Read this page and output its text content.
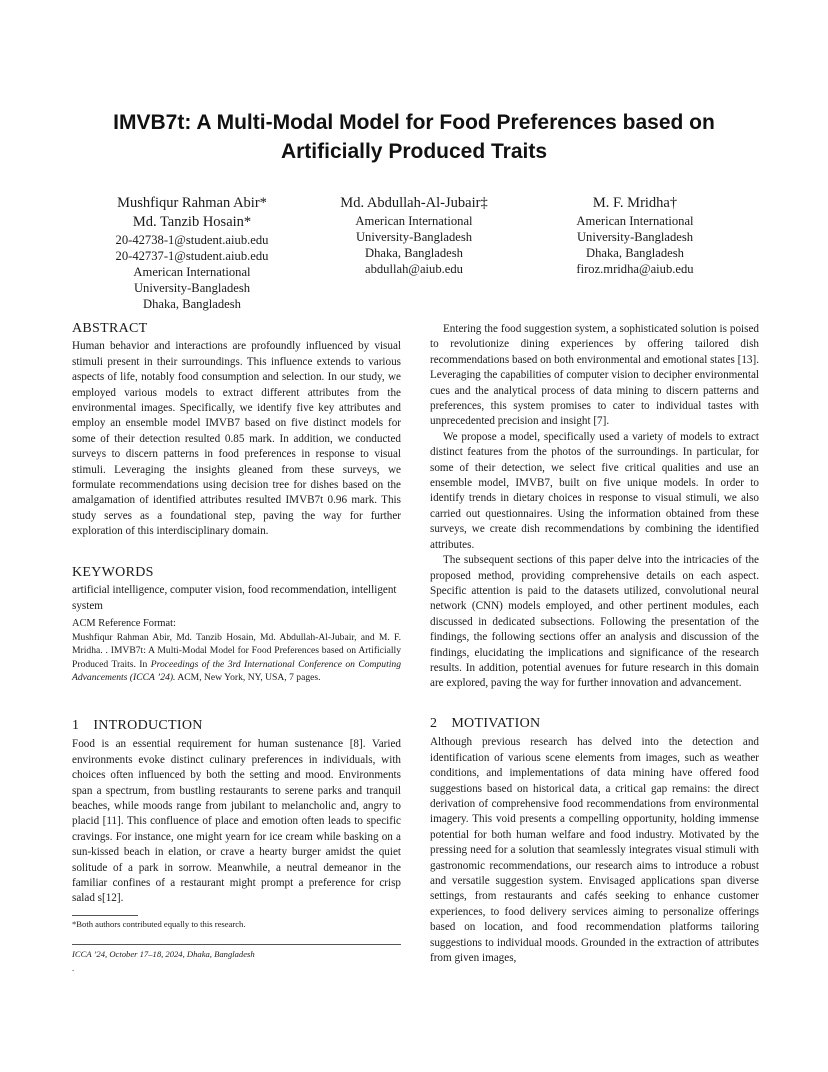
IMVB7t: A Multi-Modal Model for Food Preferences based on
Artificially Produced Traits
Mushfiqur Rahman Abir*
Md. Tanzib Hosain*
20-42738-1@student.aiub.edu
20-42737-1@student.aiub.edu
American International
University-Bangladesh
Dhaka, Bangladesh
Md. Abdullah-Al-Jubair‡
American International
University-Bangladesh
Dhaka, Bangladesh
abdullah@aiub.edu
M. F. Mridha†
American International
University-Bangladesh
Dhaka, Bangladesh
firoz.mridha@aiub.edu
ABSTRACT

Human behavior and interactions are profoundly influenced by visual stimuli present in their surroundings. This influence extends to various aspects of life, notably food consumption and selection. In our study, we employed various models to extract different attributes from the environmental images. Specifically, we identify five key attributes and employ an ensemble model IMVB7 based on five distinct models for some of their detection resulted 0.85 mark. In addition, we conducted surveys to discern patterns in food preferences in response to visual stimuli. Leveraging the insights gleaned from these surveys, we formulate recommendations using decision tree for dishes based on the amalgamation of identified attributes resulted IMVB7t 0.96 mark. This study serves as a foundational step, paving the way for further exploration of this interdisciplinary domain.

KEYWORDS

artificial intelligence, computer vision, food recommendation, intelligent system

ACM Reference Format:
Mushfiqur Rahman Abir, Md. Tanzib Hosain, Md. Abdullah-Al-Jubair, and M. F. Mridha. . IMVB7t: A Multi-Modal Model for Food Preferences based on Artificially Produced Traits. In Proceedings of the 3rd International Conference on Computing Advancements (ICCA ’24). ACM, New York, NY, USA, 7 pages.
1 INTRODUCTION

Food is an essential requirement for human sustenance [8]. Varied environments evoke distinct culinary preferences in individuals, with choices often influenced by both the setting and mood. Environments span a spectrum, from bustling restaurants to serene parks and tranquil beaches, while moods range from jubilant to melancholic and, angry to placid [11]. This confluence of place and emotion often leads to specific cravings. For instance, one might yearn for ice cream while basking on a sun-kissed beach in elation, or crave a hearty burger amidst the quiet solitude of a park in sorrow. Meanwhile, a neutral demeanor in the familiar confines of a restaurant might prompt a preference for crisp salad s[12].

*Both authors contributed equally to this research.
ICCA ’24, October 17–18, 2024, Dhaka, Bangladesh
.

Entering the food suggestion system, a sophisticated solution is poised to revolutionize dining experiences by offering tailored dish recommendations based on both environmental and emotional states [13]. Leveraging the capabilities of computer vision to decipher environmental cues and the analytical process of data mining to discern patterns and preferences, this system promises to cater to individual tastes with unprecedented precision and insight [7].

We propose a model, specifically used a variety of models to extract distinct features from the photos of the surroundings. In particular, for some of their detection, we select five critical qualities and use an ensemble model, IMVB7, built on five unique models. In order to identify trends in dietary choices in response to visual stimuli, we also carried out questionnaires. Using the information obtained from these surveys, we create dish recommendations by combining the identified attributes.

The subsequent sections of this paper delve into the intricacies of the proposed method, providing comprehensive details on each aspect. Specific attention is paid to the datasets utilized, convolutional neural network (CNN) models employed, and other pertinent modules, each discussed in dedicated subsections. Following the presentation of the findings, the following sections offer an analysis and discussion of the findings, elucidating the implications and significance of the research results. In addition, potential avenues for future research in this domain are explored, paving the way for further innovation and advancement.

2 MOTIVATION

Although previous research has delved into the detection and identification of various scene elements from images, such as weather conditions, and implementations of data mining have offered food suggestions based on historical data, a critical gap remains: the direct derivation of comprehensive food recommendations from environmental imagery. This void presents a compelling opportunity, holding immense potential for both human welfare and food industry. Motivated by the pressing need for a solution that seamlessly integrates visual stimuli with gastronomic recommendations, our research aims to introduce a robust and versatile suggestion system. Envisaged applications span diverse settings, from restaurants and cafés seeking to enhance customer experiences, to food delivery services aiming to personalize offerings based on location, and food recommendation platforms tailoring suggestions to individual moods. Grounded in the extraction of attributes from given images,
